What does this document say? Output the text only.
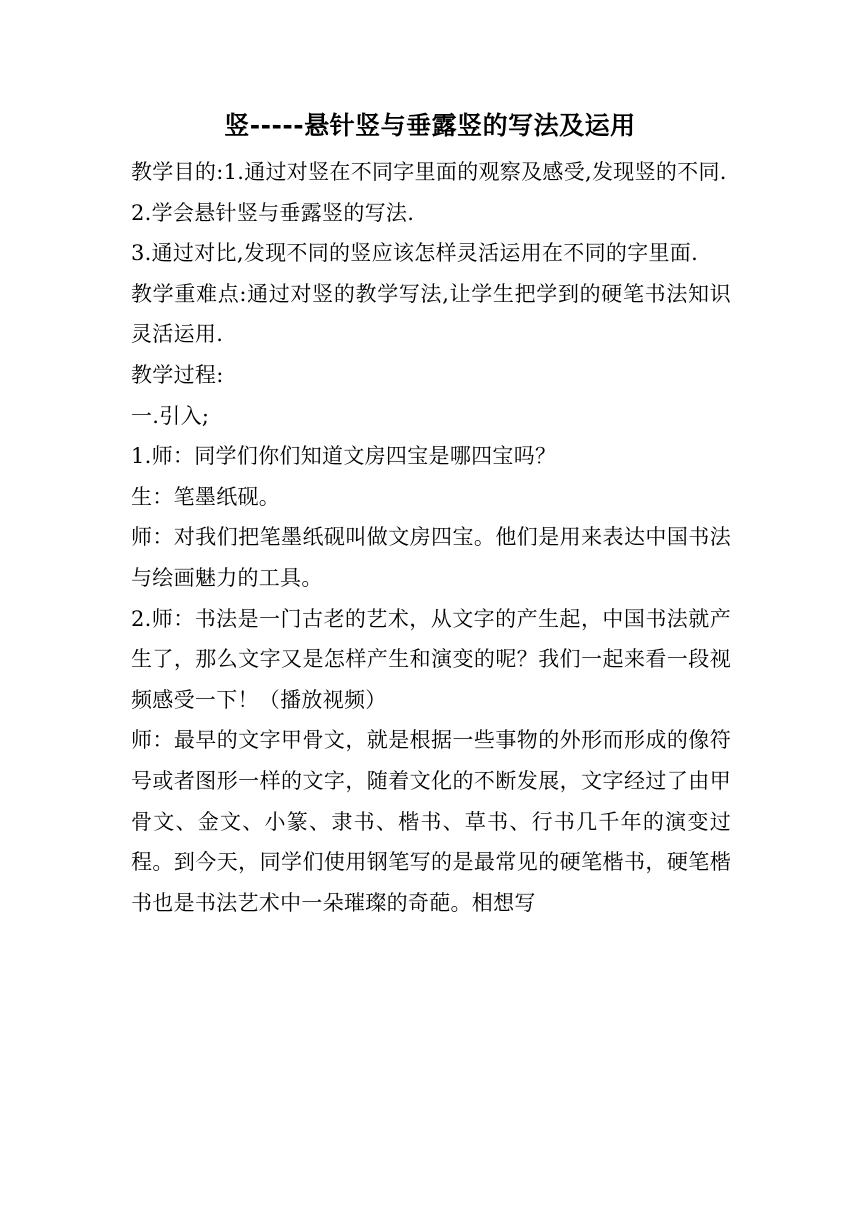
竖-----悬针竖与垂露竖的写法及运用

教学目的:1.通过对竖在不同字里面的观察及感受,发现竖的不同.

2.学会悬针竖与垂露竖的写法.

3.通过对比,发现不同的竖应该怎样灵活运用在不同的字里面.

教学重难点:通过对竖的教学写法,让学生把学到的硬笔书法知识灵活运用.

教学过程:

一.引入;

1.师：同学们你们知道文房四宝是哪四宝吗？

生：笔墨纸砚。

师：对我们把笔墨纸砚叫做文房四宝。他们是用来表达中国书法与绘画魅力的工具。

2.师：书法是一门古老的艺术，从文字的产生起，中国书法就产生了，那么文字又是怎样产生和演变的呢？我们一起来看一段视频感受一下！（播放视频）

师：最早的文字甲骨文，就是根据一些事物的外形而形成的像符号或者图形一样的文字，随着文化的不断发展，文字经过了由甲骨文、金文、小篆、隶书、楷书、草书、行书几千年的演变过程。到今天，同学们使用钢笔写的是最常见的硬笔楷书，硬笔楷书也是书法艺术中一朵璀璨的奇葩。相想写
